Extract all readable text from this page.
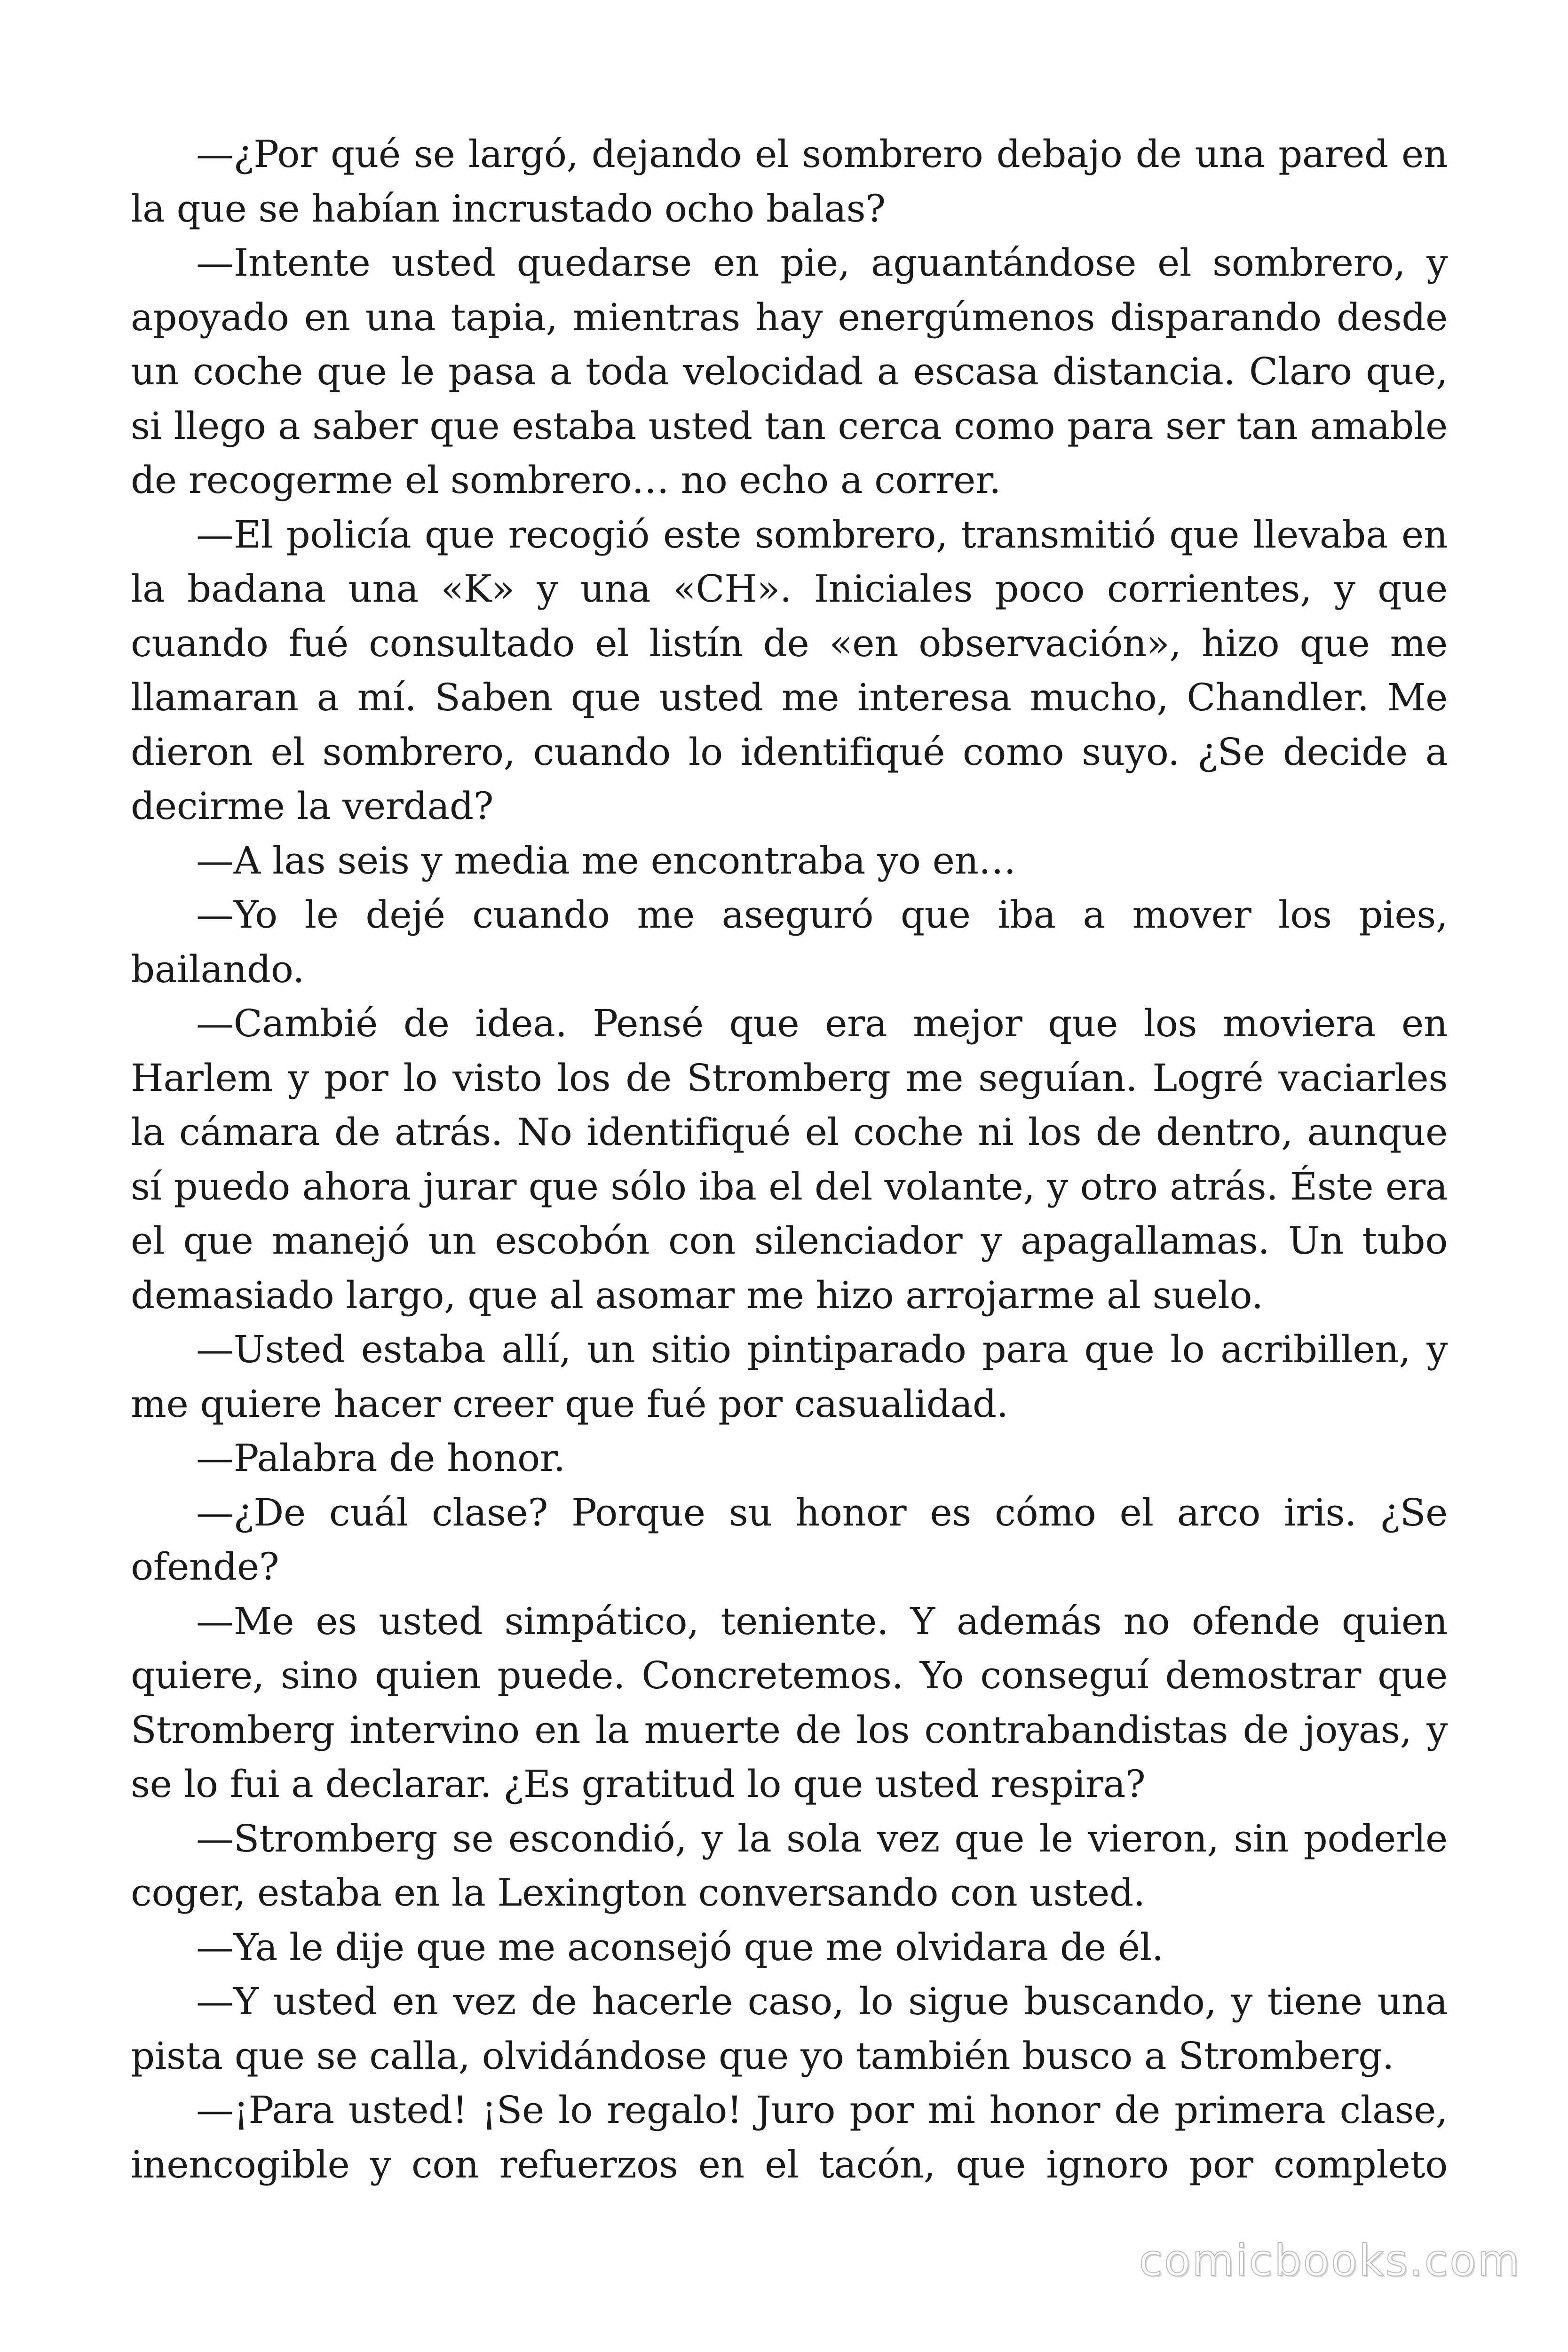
—¿Por qué se largó, dejando el sombrero debajo de una pared en la que se habían incrustado ocho balas?

—Intente usted quedarse en pie, aguantándose el sombrero, y apoyado en una tapia, mientras hay energúmenos disparando desde un coche que le pasa a toda velocidad a escasa distancia. Claro que, si llego a saber que estaba usted tan cerca como para ser tan amable de recogerme el sombrero… no echo a correr.

—El policía que recogió este sombrero, transmitió que llevaba en la badana una «K» y una «CH». Iniciales poco corrientes, y que cuando fué consultado el listín de «en observación», hizo que me llamaran a mí. Saben que usted me interesa mucho, Chandler. Me dieron el sombrero, cuando lo identifiqué como suyo. ¿Se decide a decirme la verdad?

—A las seis y media me encontraba yo en…

—Yo le dejé cuando me aseguró que iba a mover los pies, bailando.

—Cambié de idea. Pensé que era mejor que los moviera en Harlem y por lo visto los de Stromberg me seguían. Logré vaciarles la cámara de atrás. No identifiqué el coche ni los de dentro, aunque sí puedo ahora jurar que sólo iba el del volante, y otro atrás. Éste era el que manejó un escobón con silenciador y apagallamas. Un tubo demasiado largo, que al asomar me hizo arrojarme al suelo.

—Usted estaba allí, un sitio pintiparado para que lo acribillen, y me quiere hacer creer que fué por casualidad.

—Palabra de honor.

—¿De cuál clase? Porque su honor es cómo el arco iris. ¿Se ofende?

—Me es usted simpático, teniente. Y además no ofende quien quiere, sino quien puede. Concretemos. Yo conseguí demostrar que Stromberg intervino en la muerte de los contrabandistas de joyas, y se lo fui a declarar. ¿Es gratitud lo que usted respira?

—Stromberg se escondió, y la sola vez que le vieron, sin poderle coger, estaba en la Lexington conversando con usted.

—Ya le dije que me aconsejó que me olvidara de él.

—Y usted en vez de hacerle caso, lo sigue buscando, y tiene una pista que se calla, olvidándose que yo también busco a Stromberg.

—¡Para usted! ¡Se lo regalo! Juro por mi honor de primera clase, inencogible y con refuerzos en el tacón, que ignoro por completo

comicbooks.com
